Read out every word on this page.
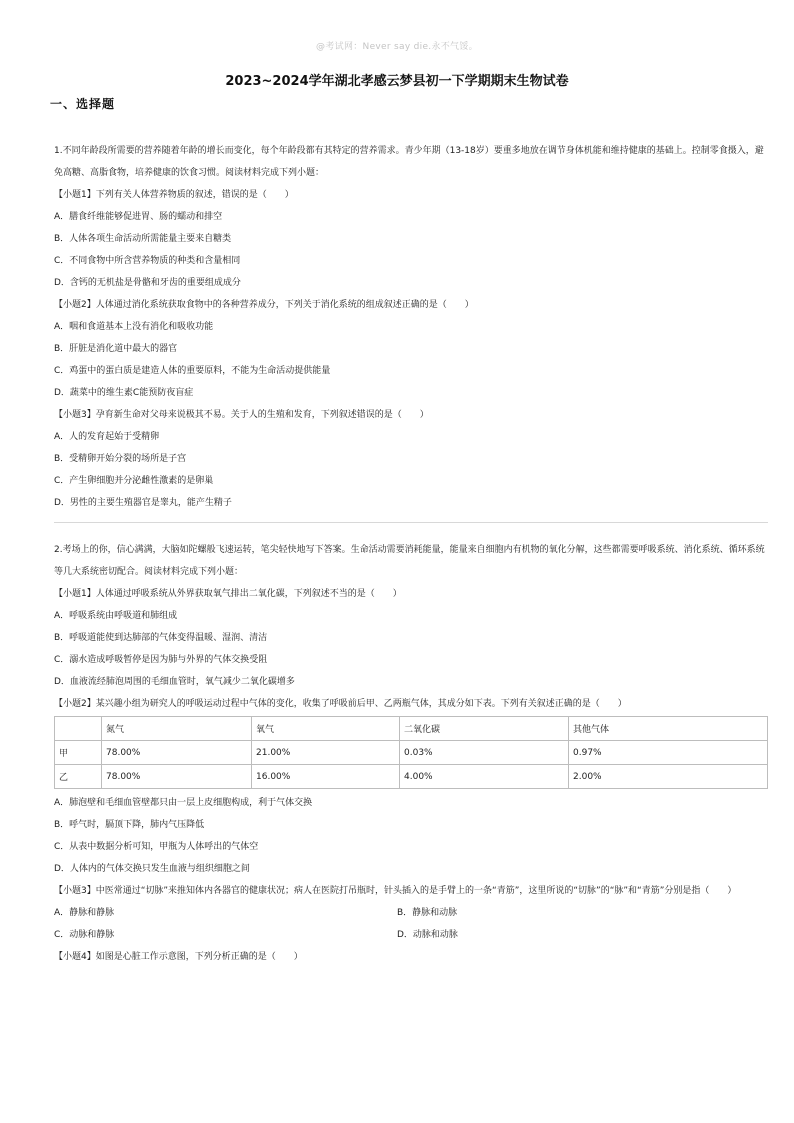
@考试网：Never say die.永不气馁。
2023~2024学年湖北孝感云梦县初一下学期期末生物试卷
一、选择题
1.不同年龄段所需要的营养随着年龄的增长而变化，每个年龄段都有其特定的营养需求。青少年期（13-18岁）要重多地放在调节身体机能和维持健康的基础上。控制零食摄入，避免高糖、高脂食物，培养健康的饮食习惯。阅读材料完成下列小题：
【小题1】下列有关人体营养物质的叙述，错误的是（　　）
A．膳食纤维能够促进胃、肠的蠕动和排空
B．人体各项生命活动所需能量主要来自糖类
C．不同食物中所含营养物质的种类和含量相同
D．含钙的无机盐是骨骼和牙齿的重要组成成分
【小题2】人体通过消化系统获取食物中的各种营养成分，下列关于消化系统的组成叙述正确的是（　　）
A．咽和食道基本上没有消化和吸收功能
B．肝脏是消化道中最大的器官
C．鸡蛋中的蛋白质是建造人体的重要原料，不能为生命活动提供能量
D．蔬菜中的维生素C能预防夜盲症
【小题3】孕育新生命对父母来说极其不易。关于人的生殖和发育，下列叙述错误的是（　　）
A．人的发育起始于受精卵
B．受精卵开始分裂的场所是子宫
C．产生卵细胞并分泌雌性激素的是卵巢
D．男性的主要生殖器官是睾丸，能产生精子
2.考场上的你，信心满满，大脑如陀螺般飞速运转，笔尖轻快地写下答案。生命活动需要消耗能量，能量来自细胞内有机物的氧化分解，这些都需要呼吸系统、消化系统、循环系统等几大系统密切配合。阅读材料完成下列小题：
【小题1】人体通过呼吸系统从外界获取氧气排出二氧化碳，下列叙述不当的是（　　）
A．呼吸系统由呼吸道和肺组成
B．呼吸道能使到达肺部的气体变得温暖、湿润、清洁
C．溺水造成呼吸暂停是因为肺与外界的气体交换受阻
D．血液流经肺泡周围的毛细血管时，氧气减少二氧化碳增多
【小题2】某兴趣小组为研究人的呼吸运动过程中气体的变化，收集了呼吸前后甲、乙两瓶气体，其成分如下表。下列有关叙述正确的是（　　）
	氮气	氧气	二氧化碳	其他气体
甲	78.00%	21.00%	0.03%	0.97%
乙	78.00%	16.00%	4.00%	2.00%
A．肺泡壁和毛细血管壁都只由一层上皮细胞构成，利于气体交换
B．呼气时，膈顶下降，肺内气压降低
C．从表中数据分析可知，甲瓶为人体呼出的气体空
D．人体内的气体交换只发生血液与组织细胞之间
【小题3】中医常通过“切脉”来推知体内各器官的健康状况；病人在医院打吊瓶时，针头插入的是手臂上的一条“青筋”，这里所说的“切脉”的“脉”和“青筋”分别是指（　　）
A．静脉和静脉	B．静脉和动脉
C．动脉和静脉	D．动脉和动脉
【小题4】如图是心脏工作示意图，下列分析正确的是（　　）
